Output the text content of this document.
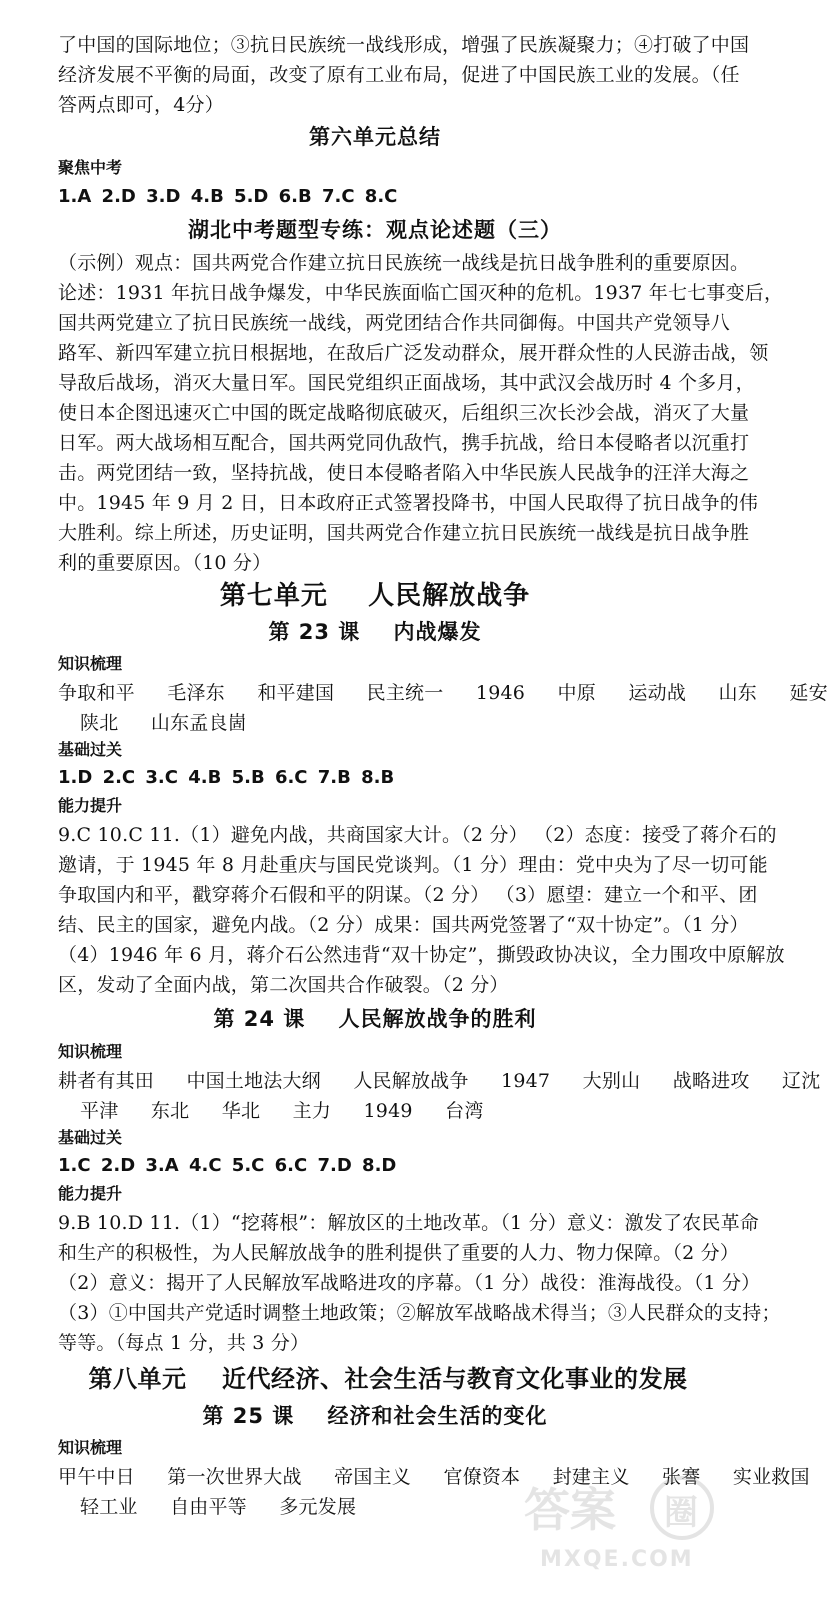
了中国的国际地位；③抗日民族统一战线形成，增强了民族凝聚力；④打破了中国
经济发展不平衡的局面，改变了原有工业布局，促进了中国民族工业的发展。（任
答两点即可，4分）
第六单元总结
聚焦中考
1.A 2.D 3.D 4.B 5.D 6.B 7.C 8.C
湖北中考题型专练：观点论述题（三）
（示例）观点：国共两党合作建立抗日民族统一战线是抗日战争胜利的重要原因。
论述：1931 年抗日战争爆发，中华民族面临亡国灭种的危机。1937 年七七事变后，
国共两党建立了抗日民族统一战线，两党团结合作共同御侮。中国共产党领导八
路军、新四军建立抗日根据地，在敌后广泛发动群众，展开群众性的人民游击战，领
导敌后战场，消灭大量日军。国民党组织正面战场，其中武汉会战历时 4 个多月，
使日本企图迅速灭亡中国的既定战略彻底破灭，后组织三次长沙会战，消灭了大量
日军。两大战场相互配合，国共两党同仇敌忾，携手抗战，给日本侵略者以沉重打
击。两党团结一致，坚持抗战，使日本侵略者陷入中华民族人民战争的汪洋大海之
中。1945 年 9 月 2 日，日本政府正式签署投降书，中国人民取得了抗日战争的伟
大胜利。综上所述，历史证明，国共两党合作建立抗日民族统一战线是抗日战争胜
利的重要原因。（10 分）
第七单元    人民解放战争
第 23 课    内战爆发
知识梳理
争取和平  毛泽东  和平建国  民主统一  1946  中原  运动战  山东  延安
陕北  山东孟良崮
基础过关
1.D 2.C 3.C 4.B 5.B 6.C 7.B 8.B
能力提升
9.C 10.C 11.（1）避免内战，共商国家大计。（2 分） （2）态度：接受了蒋介石的
邀请，于 1945 年 8 月赴重庆与国民党谈判。（1 分）理由：党中央为了尽一切可能
争取国内和平，戳穿蒋介石假和平的阴谋。（2 分） （3）愿望：建立一个和平、团
结、民主的国家，避免内战。（2 分）成果：国共两党签署了“双十协定”。（1 分）
（4）1946 年 6 月，蒋介石公然违背“双十协定”，撕毁政协决议，全力围攻中原解放
区，发动了全面内战，第二次国共合作破裂。（2 分）
第 24 课    人民解放战争的胜利
知识梳理
耕者有其田  中国土地法大纲  人民解放战争  1947  大别山  战略进攻  辽沈
平津  东北  华北  主力  1949  台湾
基础过关
1.C 2.D 3.A 4.C 5.C 6.C 7.D 8.D
能力提升
9.B 10.D 11.（1）“挖蒋根”：解放区的土地改革。（1 分）意义：激发了农民革命
和生产的积极性，为人民解放战争的胜利提供了重要的人力、物力保障。（2 分）
（2）意义：揭开了人民解放军战略进攻的序幕。（1 分）战役：淮海战役。（1 分）
（3）①中国共产党适时调整土地政策；②解放军战略战术得当；③人民群众的支持；
等等。（每点 1 分，共 3 分）
第八单元    近代经济、社会生活与教育文化事业的发展
第 25 课    经济和社会生活的变化
知识梳理
甲午中日  第一次世界大战  帝国主义  官僚资本  封建主义  张謇  实业救国
轻工业  自由平等  多元发展	答案 圈
MXQE.COM
